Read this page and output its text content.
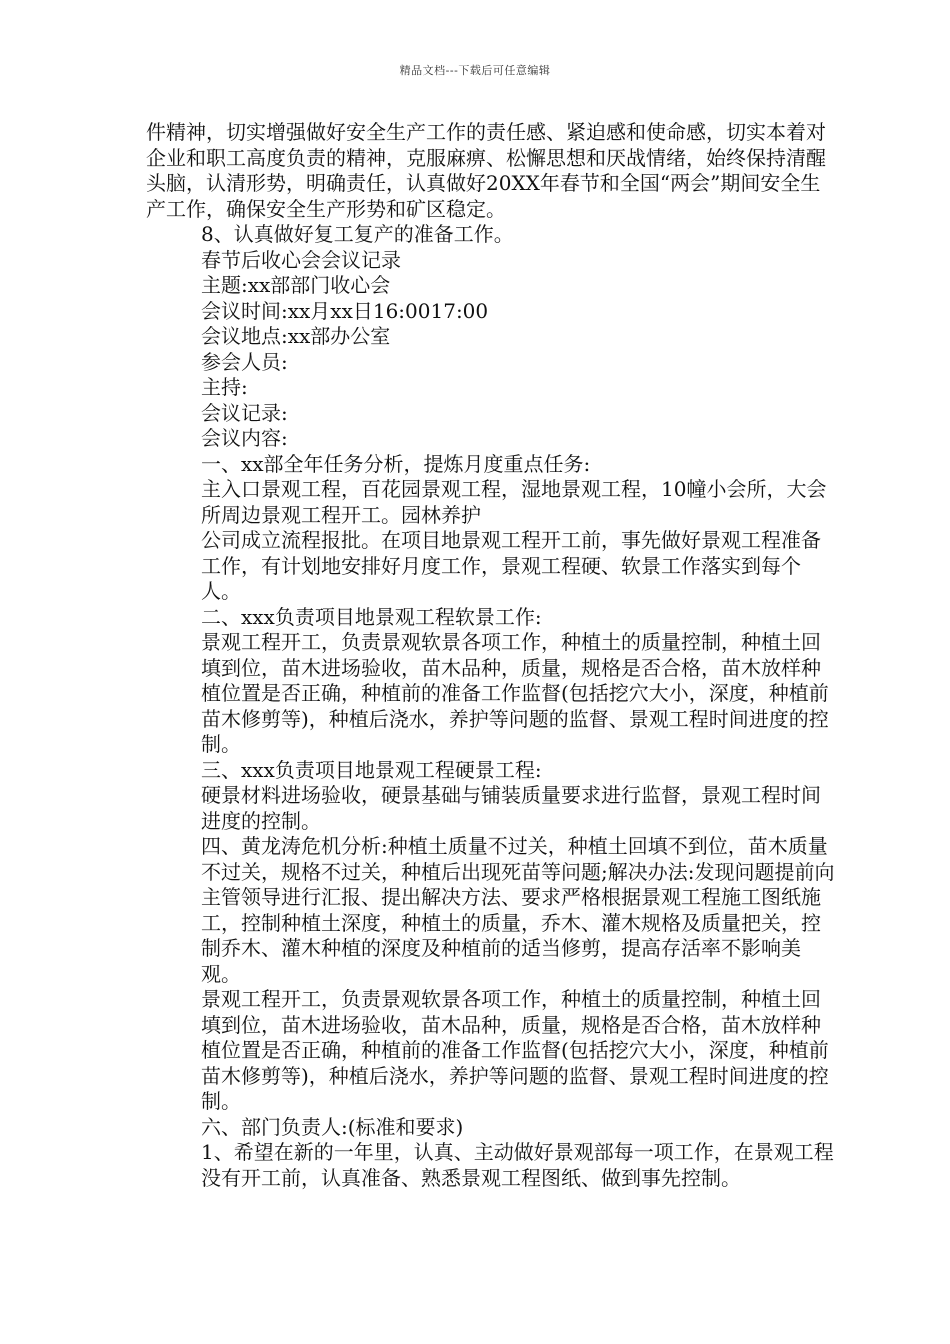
精品文档---下载后可任意编辑

件精神，切实增强做好安全生产工作的责任感、紧迫感和使命感，切实本着对企业和职工高度负责的精神，克服麻痹、松懈思想和厌战情绪，始终保持清醒头脑，认清形势，明确责任，认真做好20XX年春节和全国“两会”期间安全生产工作，确保安全生产形势和矿区稳定。

8、认真做好复工复产的准备工作。

春节后收心会会议记录

主题:xx部部门收心会

会议时间:xx月xx日16:0017:00

会议地点:xx部办公室

参会人员:

主持:

会议记录:

会议内容:

一、xx部全年任务分析，提炼月度重点任务:

主入口景观工程，百花园景观工程，湿地景观工程，10幢小会所，大会所周边景观工程开工。园林养护

公司成立流程报批。在项目地景观工程开工前，事先做好景观工程准备工作，有计划地安排好月度工作，景观工程硬、软景工作落实到每个人。

二、xxx负责项目地景观工程软景工作:

景观工程开工，负责景观软景各项工作，种植土的质量控制，种植土回填到位，苗木进场验收，苗木品种，质量，规格是否合格，苗木放样种植位置是否正确，种植前的准备工作监督(包括挖穴大小，深度，种植前苗木修剪等)，种植后浇水，养护等问题的监督、景观工程时间进度的控制。

三、xxx负责项目地景观工程硬景工程:

硬景材料进场验收，硬景基础与铺装质量要求进行监督，景观工程时间进度的控制。

四、黄龙涛危机分析:种植土质量不过关，种植土回填不到位，苗木质量不过关，规格不过关，种植后出现死苗等问题;解决办法:发现问题提前向主管领导进行汇报、提出解决方法、要求严格根据景观工程施工图纸施工，控制种植土深度，种植土的质量，乔木、灌木规格及质量把关，控制乔木、灌木种植的深度及种植前的适当修剪，提高存活率不影响美观。

景观工程开工，负责景观软景各项工作，种植土的质量控制，种植土回填到位，苗木进场验收，苗木品种，质量，规格是否合格，苗木放样种植位置是否正确，种植前的准备工作监督(包括挖穴大小，深度，种植前苗木修剪等)，种植后浇水，养护等问题的监督、景观工程时间进度的控制。

六、部门负责人:(标准和要求)

1、希望在新的一年里，认真、主动做好景观部每一项工作，在景观工程没有开工前，认真准备、熟悉景观工程图纸、做到事先控制。
